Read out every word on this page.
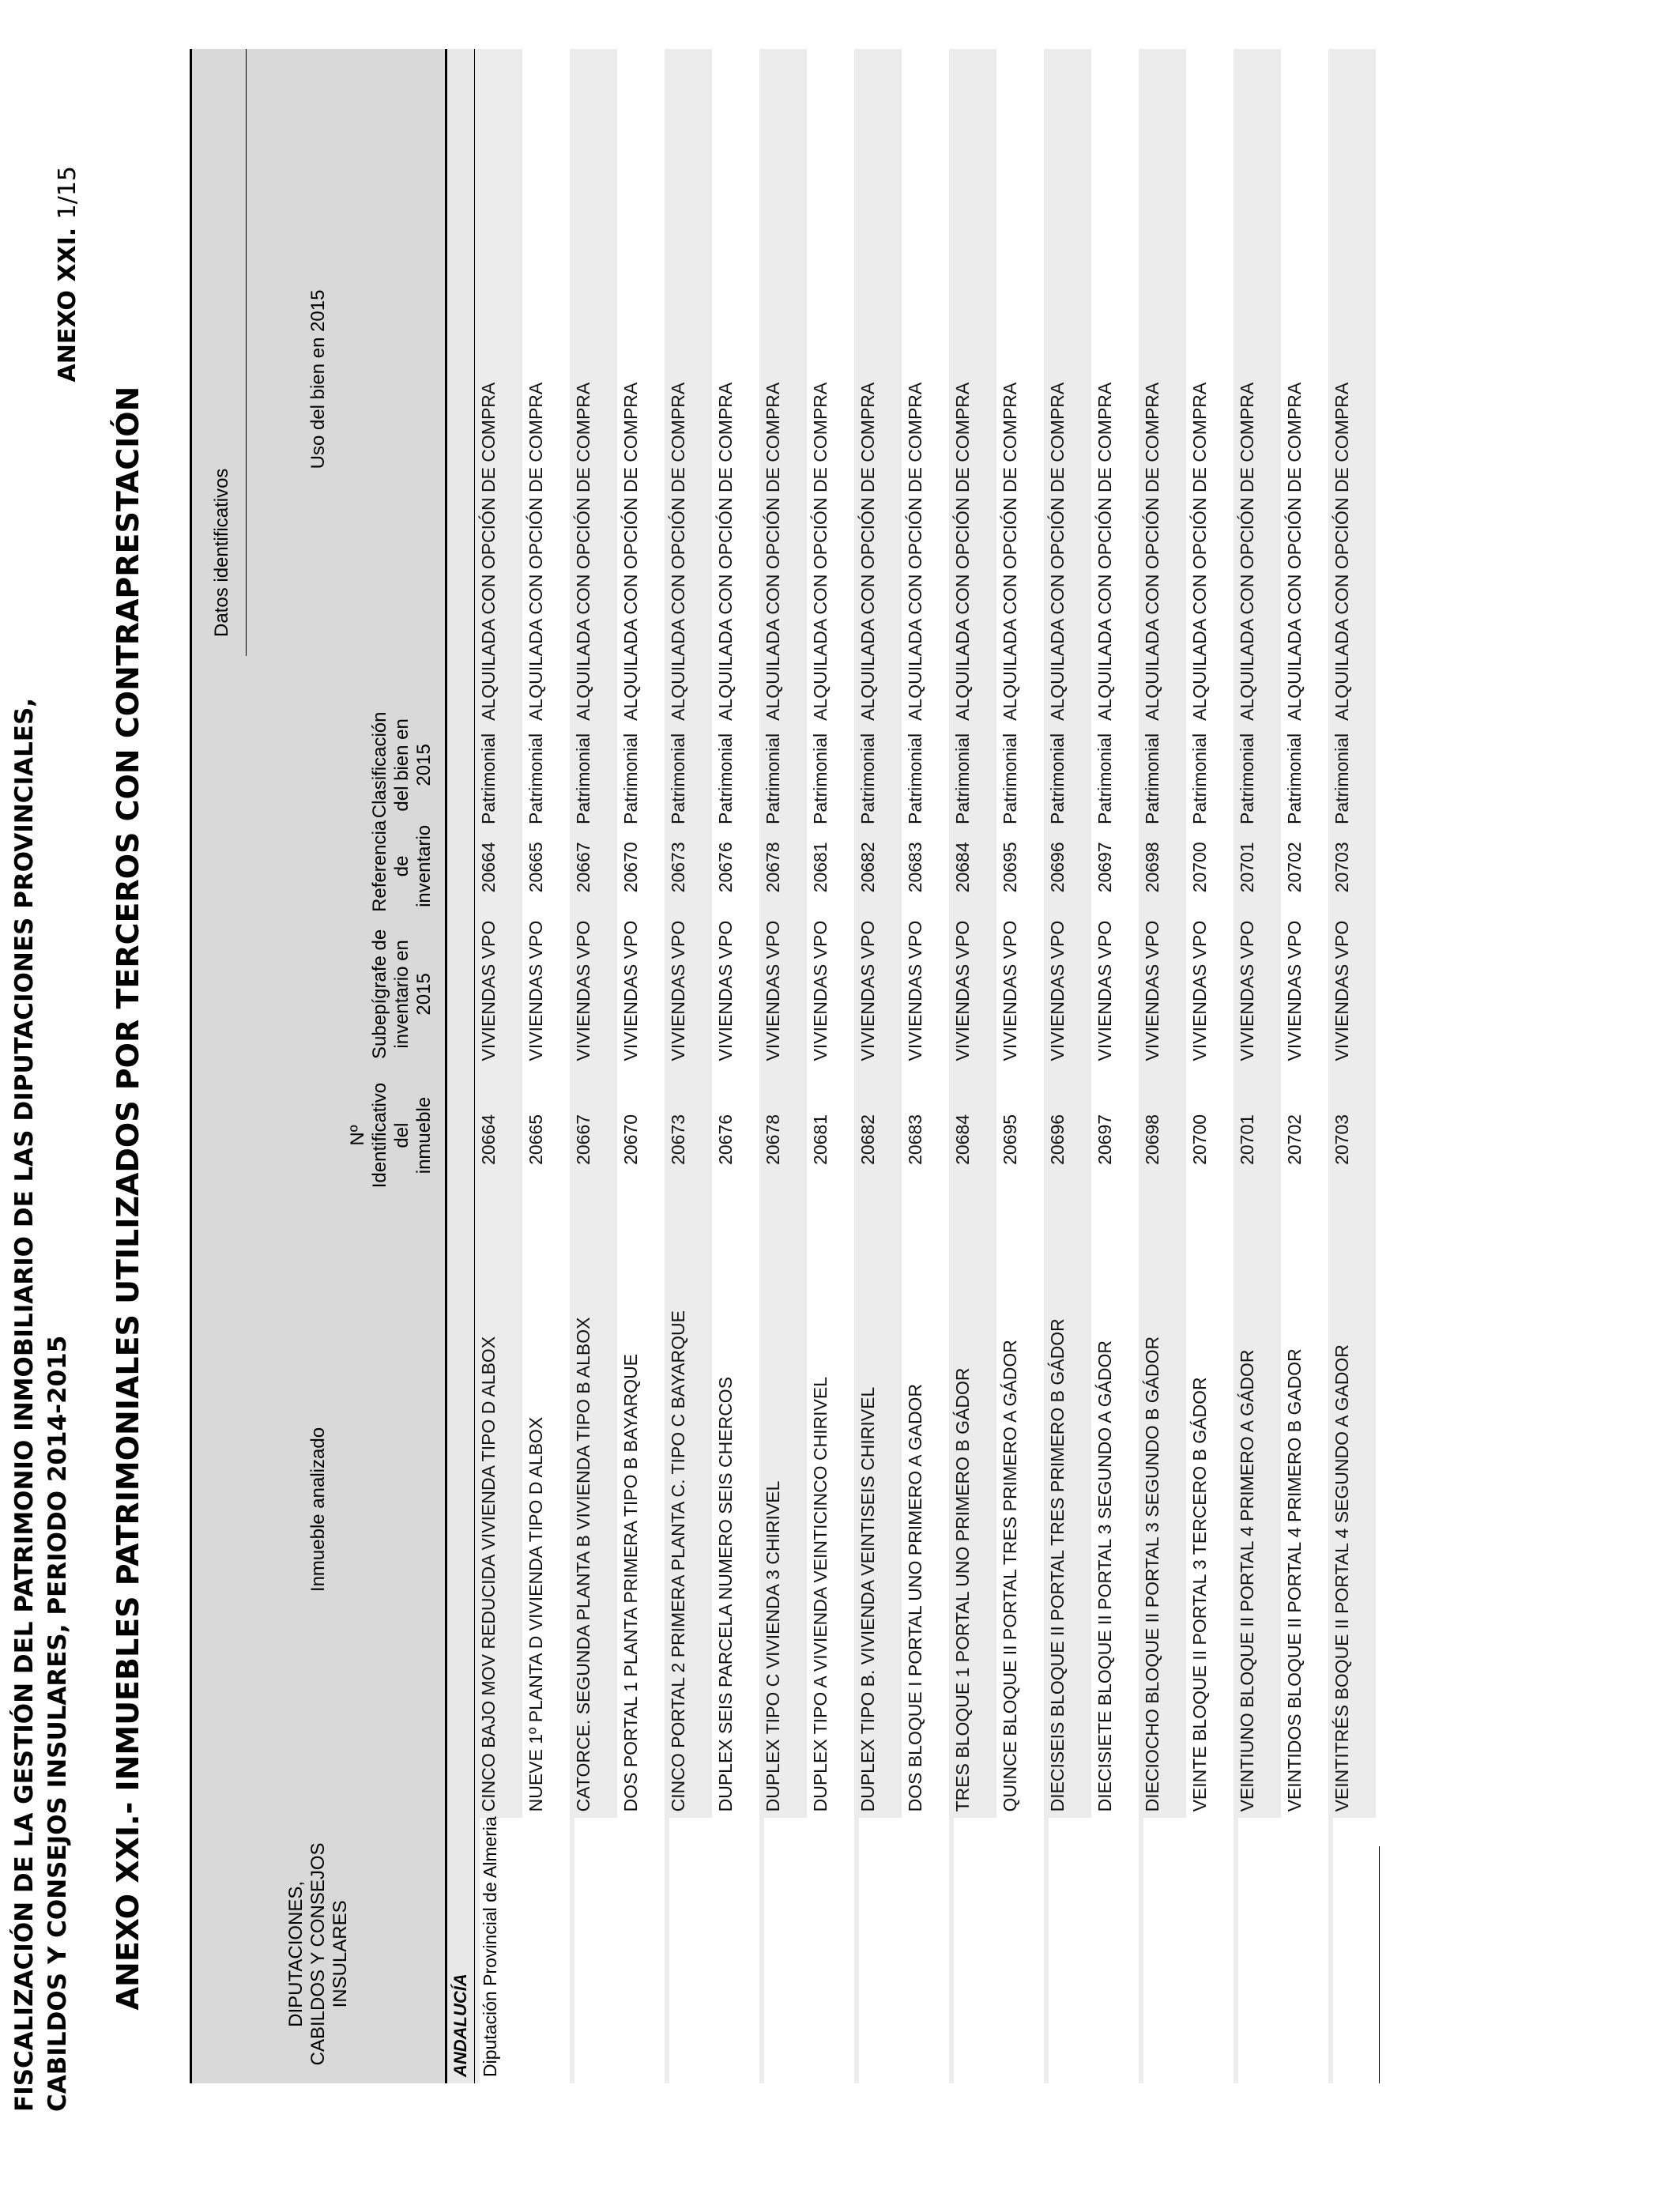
FISCALIZACIÓN DE LA GESTIÓN DEL PATRIMONIO INMOBILIARIO DE LAS DIPUTACIONES PROVINCIALES, CABILDOS Y CONSEJOS INSULARES, PERIODO 2014-2015
ANEXO XXI. 1/15
ANEXO XXI.- INMUEBLES PATRIMONIALES UTILIZADOS POR TERCEROS CON CONTRAPRESTACIÓN	Datos identificativos
DIPUTACIONES, CABILDOS Y CONSEJOS INSULARES
Inmueble analizado
Nº Identificativo del inmueble
Subepígrafe de inventario en 2015
Referencia de inventario
Clasificación del bien en 2015
Uso del bien en 2015
ANDALUCÍA Diputación Provincial de Almeria
CINCO BAJO MOV REDUCIDA VIVIENDA TIPO D ALBOX
20664
VIVIENDAS VPO
20664
Patrimonial
ALQUILADA CON OPCIÓN DE COMPRA
NUEVE 1º PLANTA D VIVIENDA TIPO D ALBOX
20665
VIVIENDAS VPO
20665
Patrimonial
ALQUILADA CON OPCIÓN DE COMPRA
CATORCE. SEGUNDA PLANTA B VIVIENDA TIPO B ALBOX
20667
VIVIENDAS VPO
20667
Patrimonial
ALQUILADA CON OPCIÓN DE COMPRA
DOS PORTAL 1 PLANTA PRIMERA TIPO B BAYARQUE
20670
VIVIENDAS VPO
20670
Patrimonial
ALQUILADA CON OPCIÓN DE COMPRA
CINCO PORTAL 2 PRIMERA PLANTA C. TIPO C BAYARQUE
20673
VIVIENDAS VPO
20673
Patrimonial
ALQUILADA CON OPCIÓN DE COMPRA
DUPLEX SEIS PARCELA NUMERO SEIS CHERCOS
20676
VIVIENDAS VPO
20676
Patrimonial
ALQUILADA CON OPCIÓN DE COMPRA
DUPLEX TIPO C VIVIENDA 3 CHIRIVEL
20678
VIVIENDAS VPO
20678
Patrimonial
ALQUILADA CON OPCIÓN DE COMPRA
DUPLEX TIPO A VIVIENDA VEINTICINCO CHIRIVEL
20681
VIVIENDAS VPO
20681
Patrimonial
ALQUILADA CON OPCIÓN DE COMPRA
DUPLEX TIPO B. VIVIENDA VEINTISEIS CHIRIVEL
20682
VIVIENDAS VPO
20682
Patrimonial
ALQUILADA CON OPCIÓN DE COMPRA
DOS BLOQUE I PORTAL UNO PRIMERO A GADOR
20683
VIVIENDAS VPO
20683
Patrimonial
ALQUILADA CON OPCIÓN DE COMPRA
TRES BLOQUE 1 PORTAL UNO PRIMERO B GÁDOR
20684
VIVIENDAS VPO
20684
Patrimonial
ALQUILADA CON OPCIÓN DE COMPRA
QUINCE BLOQUE II PORTAL TRES PRIMERO A GÁDOR
20695
VIVIENDAS VPO
20695
Patrimonial
ALQUILADA CON OPCIÓN DE COMPRA
DIECISEIS BLOQUE II PORTAL TRES PRIMERO B GÁDOR
20696
VIVIENDAS VPO
20696
Patrimonial
ALQUILADA CON OPCIÓN DE COMPRA
DIECISIETE BLOQUE II PORTAL 3 SEGUNDO A GÁDOR
20697
VIVIENDAS VPO
20697
Patrimonial
ALQUILADA CON OPCIÓN DE COMPRA
DIECIOCHO BLOQUE II PORTAL 3 SEGUNDO B GÁDOR
20698
VIVIENDAS VPO
20698
Patrimonial
ALQUILADA CON OPCIÓN DE COMPRA
VEINTE BLOQUE II PORTAL 3 TERCERO B GÁDOR
20700
VIVIENDAS VPO
20700
Patrimonial
ALQUILADA CON OPCIÓN DE COMPRA
VEINTIUNO BLOQUE II PORTAL 4 PRIMERO A GÁDOR
20701
VIVIENDAS VPO
20701
Patrimonial
ALQUILADA CON OPCIÓN DE COMPRA
VEINTIDOS BLOQUE II PORTAL 4 PRIMERO B GADOR
20702
VIVIENDAS VPO
20702
Patrimonial
ALQUILADA CON OPCIÓN DE COMPRA
VEINTITRÉS BOQUE II PORTAL 4 SEGUNDO A GADOR
20703
VIVIENDAS VPO
20703
Patrimonial
ALQUILADA CON OPCIÓN DE COMPRA
